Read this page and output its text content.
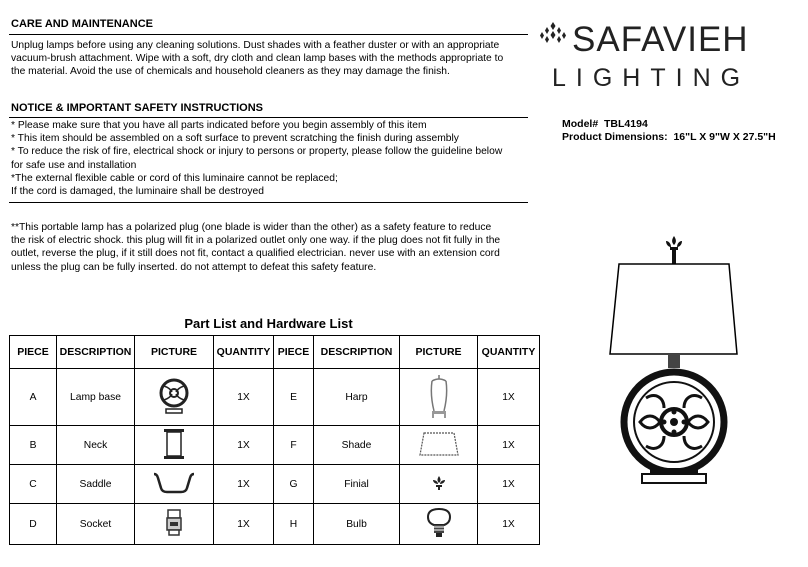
CARE AND MAINTENANCE
Unplug lamps before using any cleaning solutions. Dust shades with a feather duster or with an appropriate
vacuum-brush attachment. Wipe with a soft, dry cloth and clean lamp bases with the methods appropriate to
the material. Avoid the use of chemicals and household cleaners as they may damage the finish.
NOTICE & IMPORTANT SAFETY INSTRUCTIONS
* Please make sure that you have all parts indicated before you begin assembly of this item
* This item should be assembled on a soft surface to prevent scratching the finish during assembly
* To reduce the risk of fire, electrical shock or injury to persons or property, please follow the guideline below
for safe use and installation
*The external flexible cable or cord of this luminaire cannot be replaced;
If the cord is damaged, the luminaire shall be destroyed
**This portable lamp has a polarized plug (one blade is wider than the other) as a safety feature to reduce
the risk of electric shock. this plug will fit in a polarized outlet only one way. if the plug does not fit fully in the
outlet, reverse the plug, if it still does not fit, contact a qualified electrician. never use with an extension cord
unless the plug can be fully inserted. do not attempt to defeat this safety feature.
SAFAVIEH
LIGHTING
Model# TBL4194
Product Dimensions: 16"L X 9"W X 27.5"H
Part List and Hardware List
PIECE	DESCRIPTION	PICTURE	QUANTITY	PIECE	DESCRIPTION	PICTURE	QUANTITY
A	Lamp base		1X	E	Harp		1X
B	Neck		1X	F	Shade		1X
C	Saddle		1X	G	Finial		1X
D	Socket		1X	H	Bulb		1X
